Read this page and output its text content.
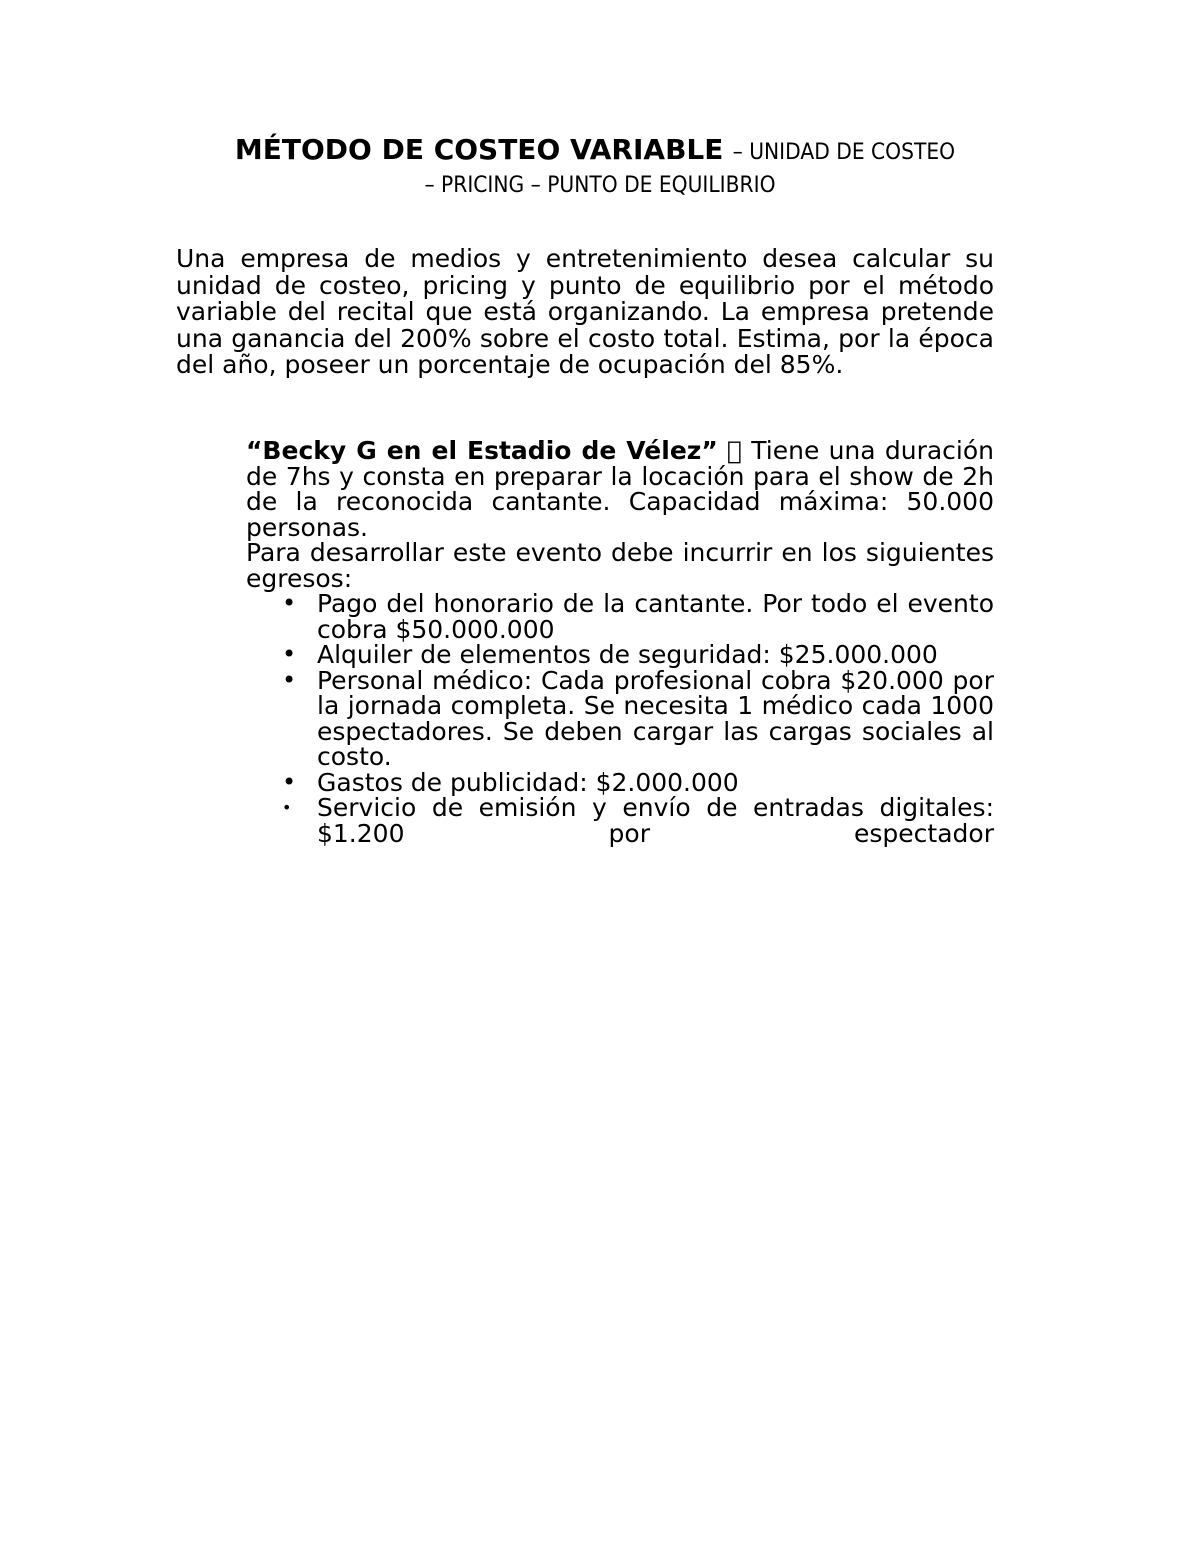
MÉTODO DE COSTEO VARIABLE– UNIDAD DE COSTEO
– PRICING – PUNTO DE EQUILIBRIO
Una empresa de medios y entretenimiento desea calcular su unidad de costeo, pricing y punto de equilibrio por el método variable del recital que está organizando. La empresa pretende una ganancia del 200% sobre el costo total. Estima, por la época del año, poseer un porcentaje de ocupación del 85%.

“Becky G en el Estadio de Vélez” Tiene una duración de 7hs y consta en preparar la locación para el show de 2h de la reconocida cantante. Capacidad máxima: 50.000 personas.

Para desarrollar este evento debe incurrir en los siguientes egresos:

• Pago del honorario de la cantante. Por todo el evento cobra $50.000.000
• Alquiler de elementos de seguridad: $25.000.000
• Personal médico: Cada profesional cobra $20.000 por la jornada completa. Se necesita 1 médico cada 1000 espectadores. Se deben cargar las cargas sociales al costo.
• Gastos de publicidad: $2.000.000
• Servicio de emisión y envío de entradas digitales: $1.200 por espectador
